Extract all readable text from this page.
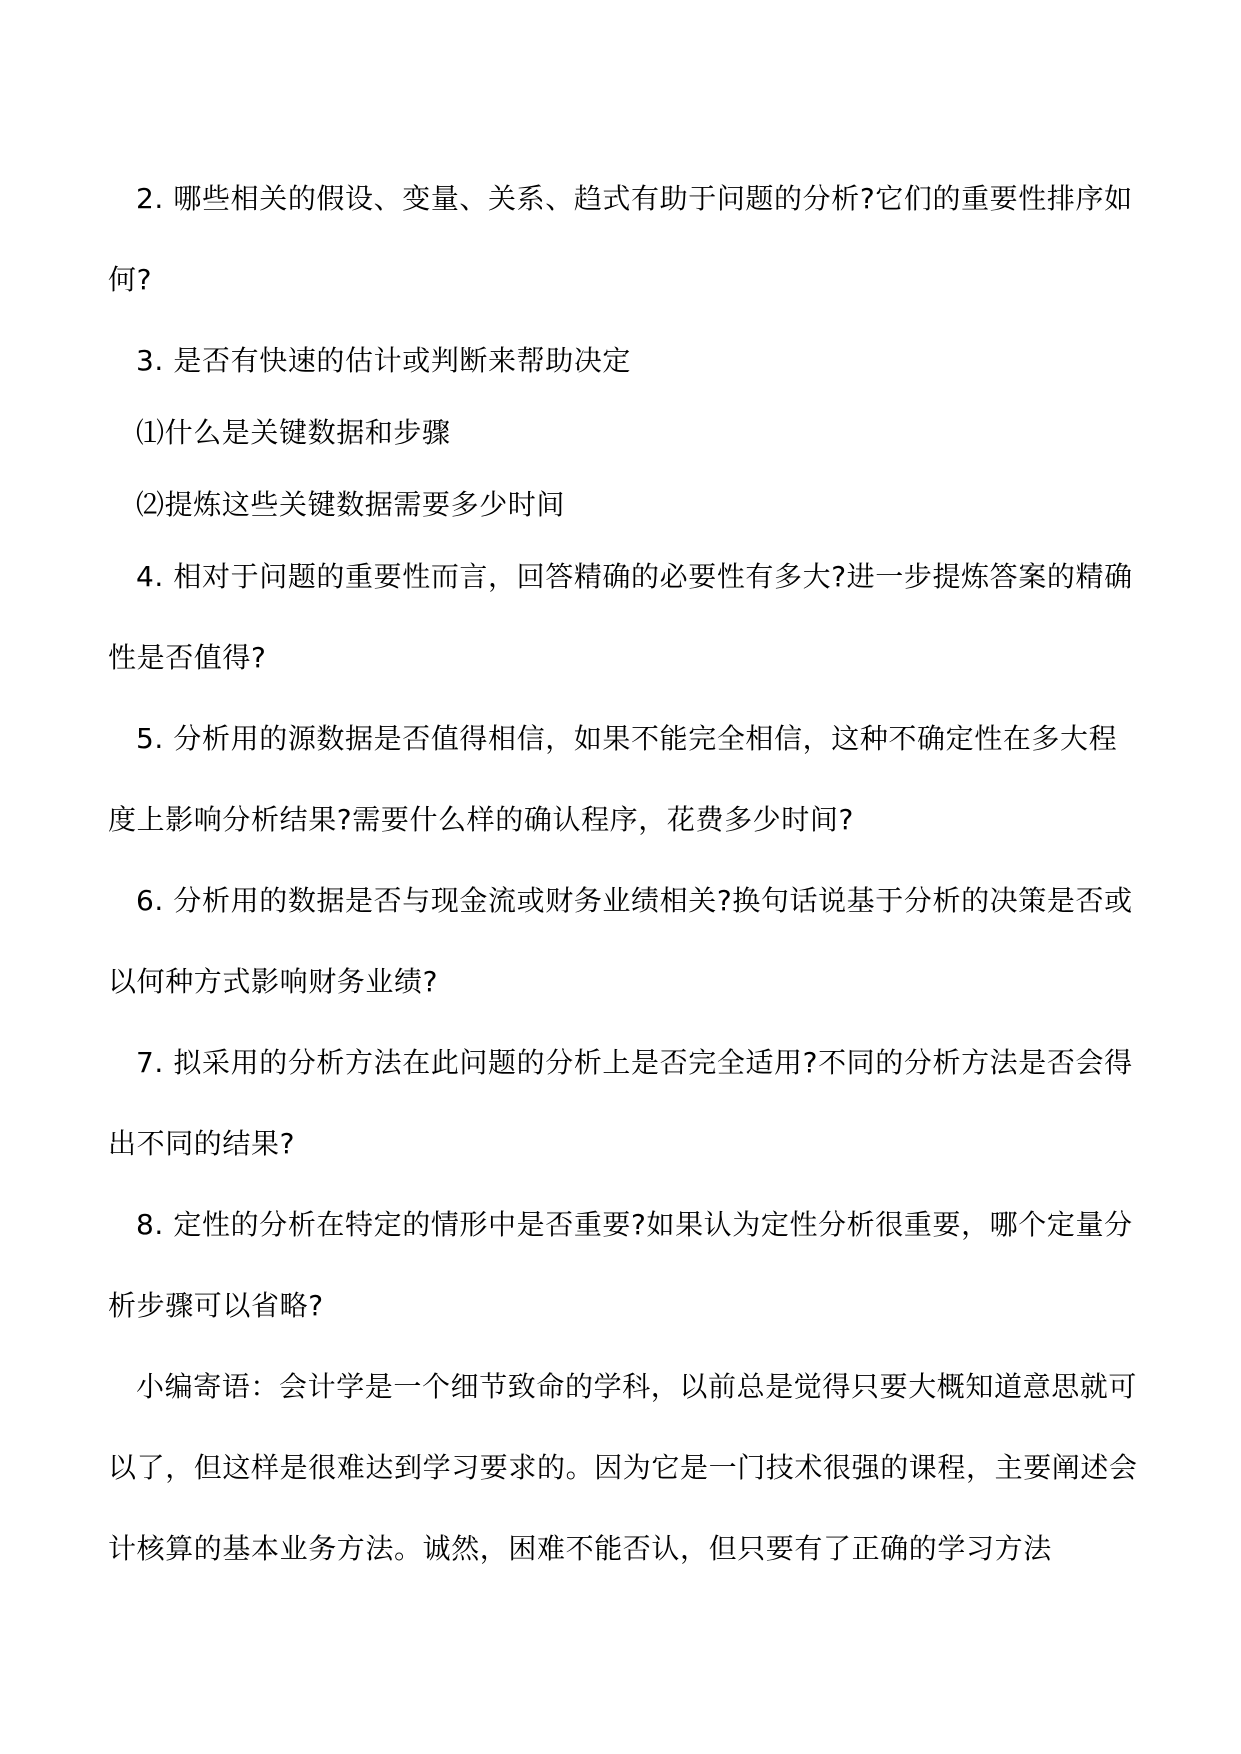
2. 哪些相关的假设、变量、关系、趋式有助于问题的分析?它们的重要性排序如何?

3. 是否有快速的估计或判断来帮助决定

⑴什么是关键数据和步骤

⑵提炼这些关键数据需要多少时间

4. 相对于问题的重要性而言，回答精确的必要性有多大?进一步提炼答案的精确性是否值得?

5. 分析用的源数据是否值得相信，如果不能完全相信，这种不确定性在多大程度上影响分析结果?需要什么样的确认程序，花费多少时间?

6. 分析用的数据是否与现金流或财务业绩相关?换句话说基于分析的决策是否或以何种方式影响财务业绩?

7. 拟采用的分析方法在此问题的分析上是否完全适用?不同的分析方法是否会得出不同的结果?

8. 定性的分析在特定的情形中是否重要?如果认为定性分析很重要，哪个定量分析步骤可以省略?

小编寄语：会计学是一个细节致命的学科，以前总是觉得只要大概知道意思就可以了，但这样是很难达到学习要求的。因为它是一门技术很强的课程，主要阐述会计核算的基本业务方法。诚然，困难不能否认，但只要有了正确的学习方法
